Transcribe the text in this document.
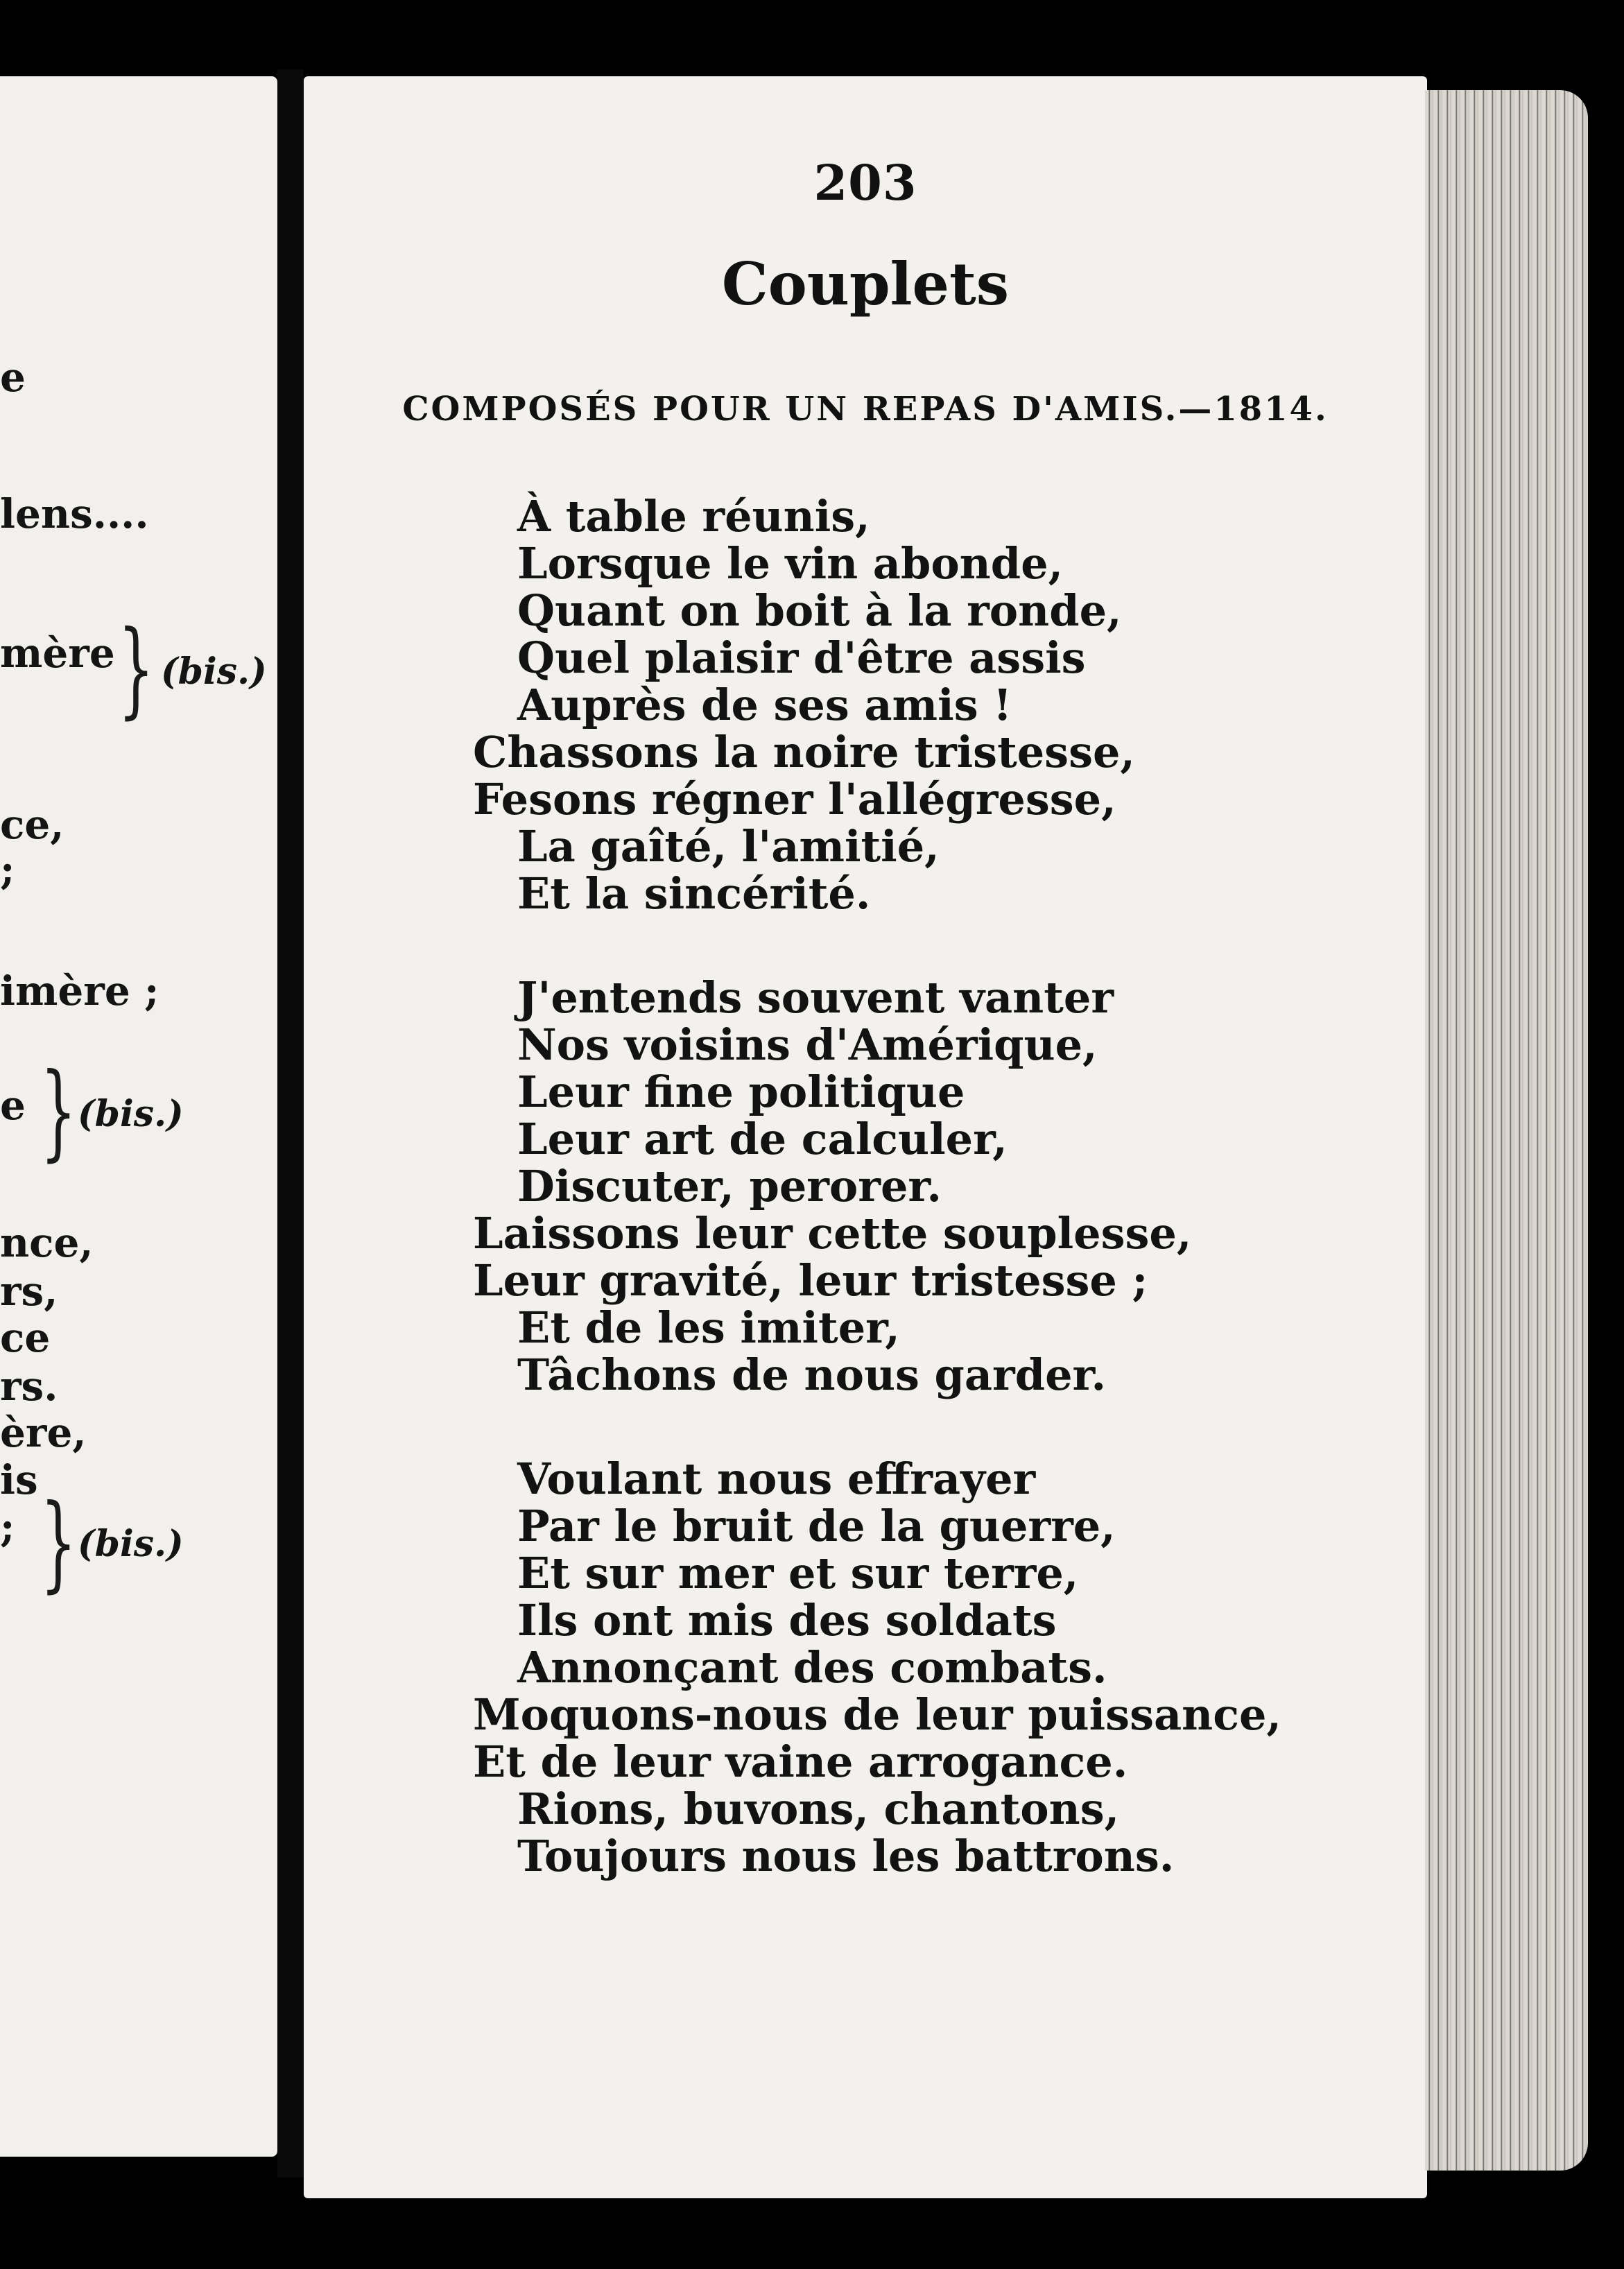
e
lens....
mère } (bis.)
ce,
;
imère ;
e } (bis.)
nce,
rs,
ce
rs.
ère,
is
; } (bis.)
203
Couplets
COMPOSÉS POUR UN REPAS D'AMIS.—1814.
À table réunis,
Lorsque le vin abonde,
Quant on boit à la ronde,
Quel plaisir d'être assis
Auprès de ses amis !
Chassons la noire tristesse,
Fesons régner l'allégresse,
La gaîté, l'amitié,
Et la sincérité.
J'entends souvent vanter
Nos voisins d'Amérique,
Leur fine politique
Leur art de calculer,
Discuter, perorer.
Laissons leur cette souplesse,
Leur gravité, leur tristesse ;
Et de les imiter,
Tâchons de nous garder.
Voulant nous effrayer
Par le bruit de la guerre,
Et sur mer et sur terre,
Ils ont mis des soldats
Annonçant des combats.
Moquons-nous de leur puissance,
Et de leur vaine arrogance.
Rions, buvons, chantons,
Toujours nous les battrons.
